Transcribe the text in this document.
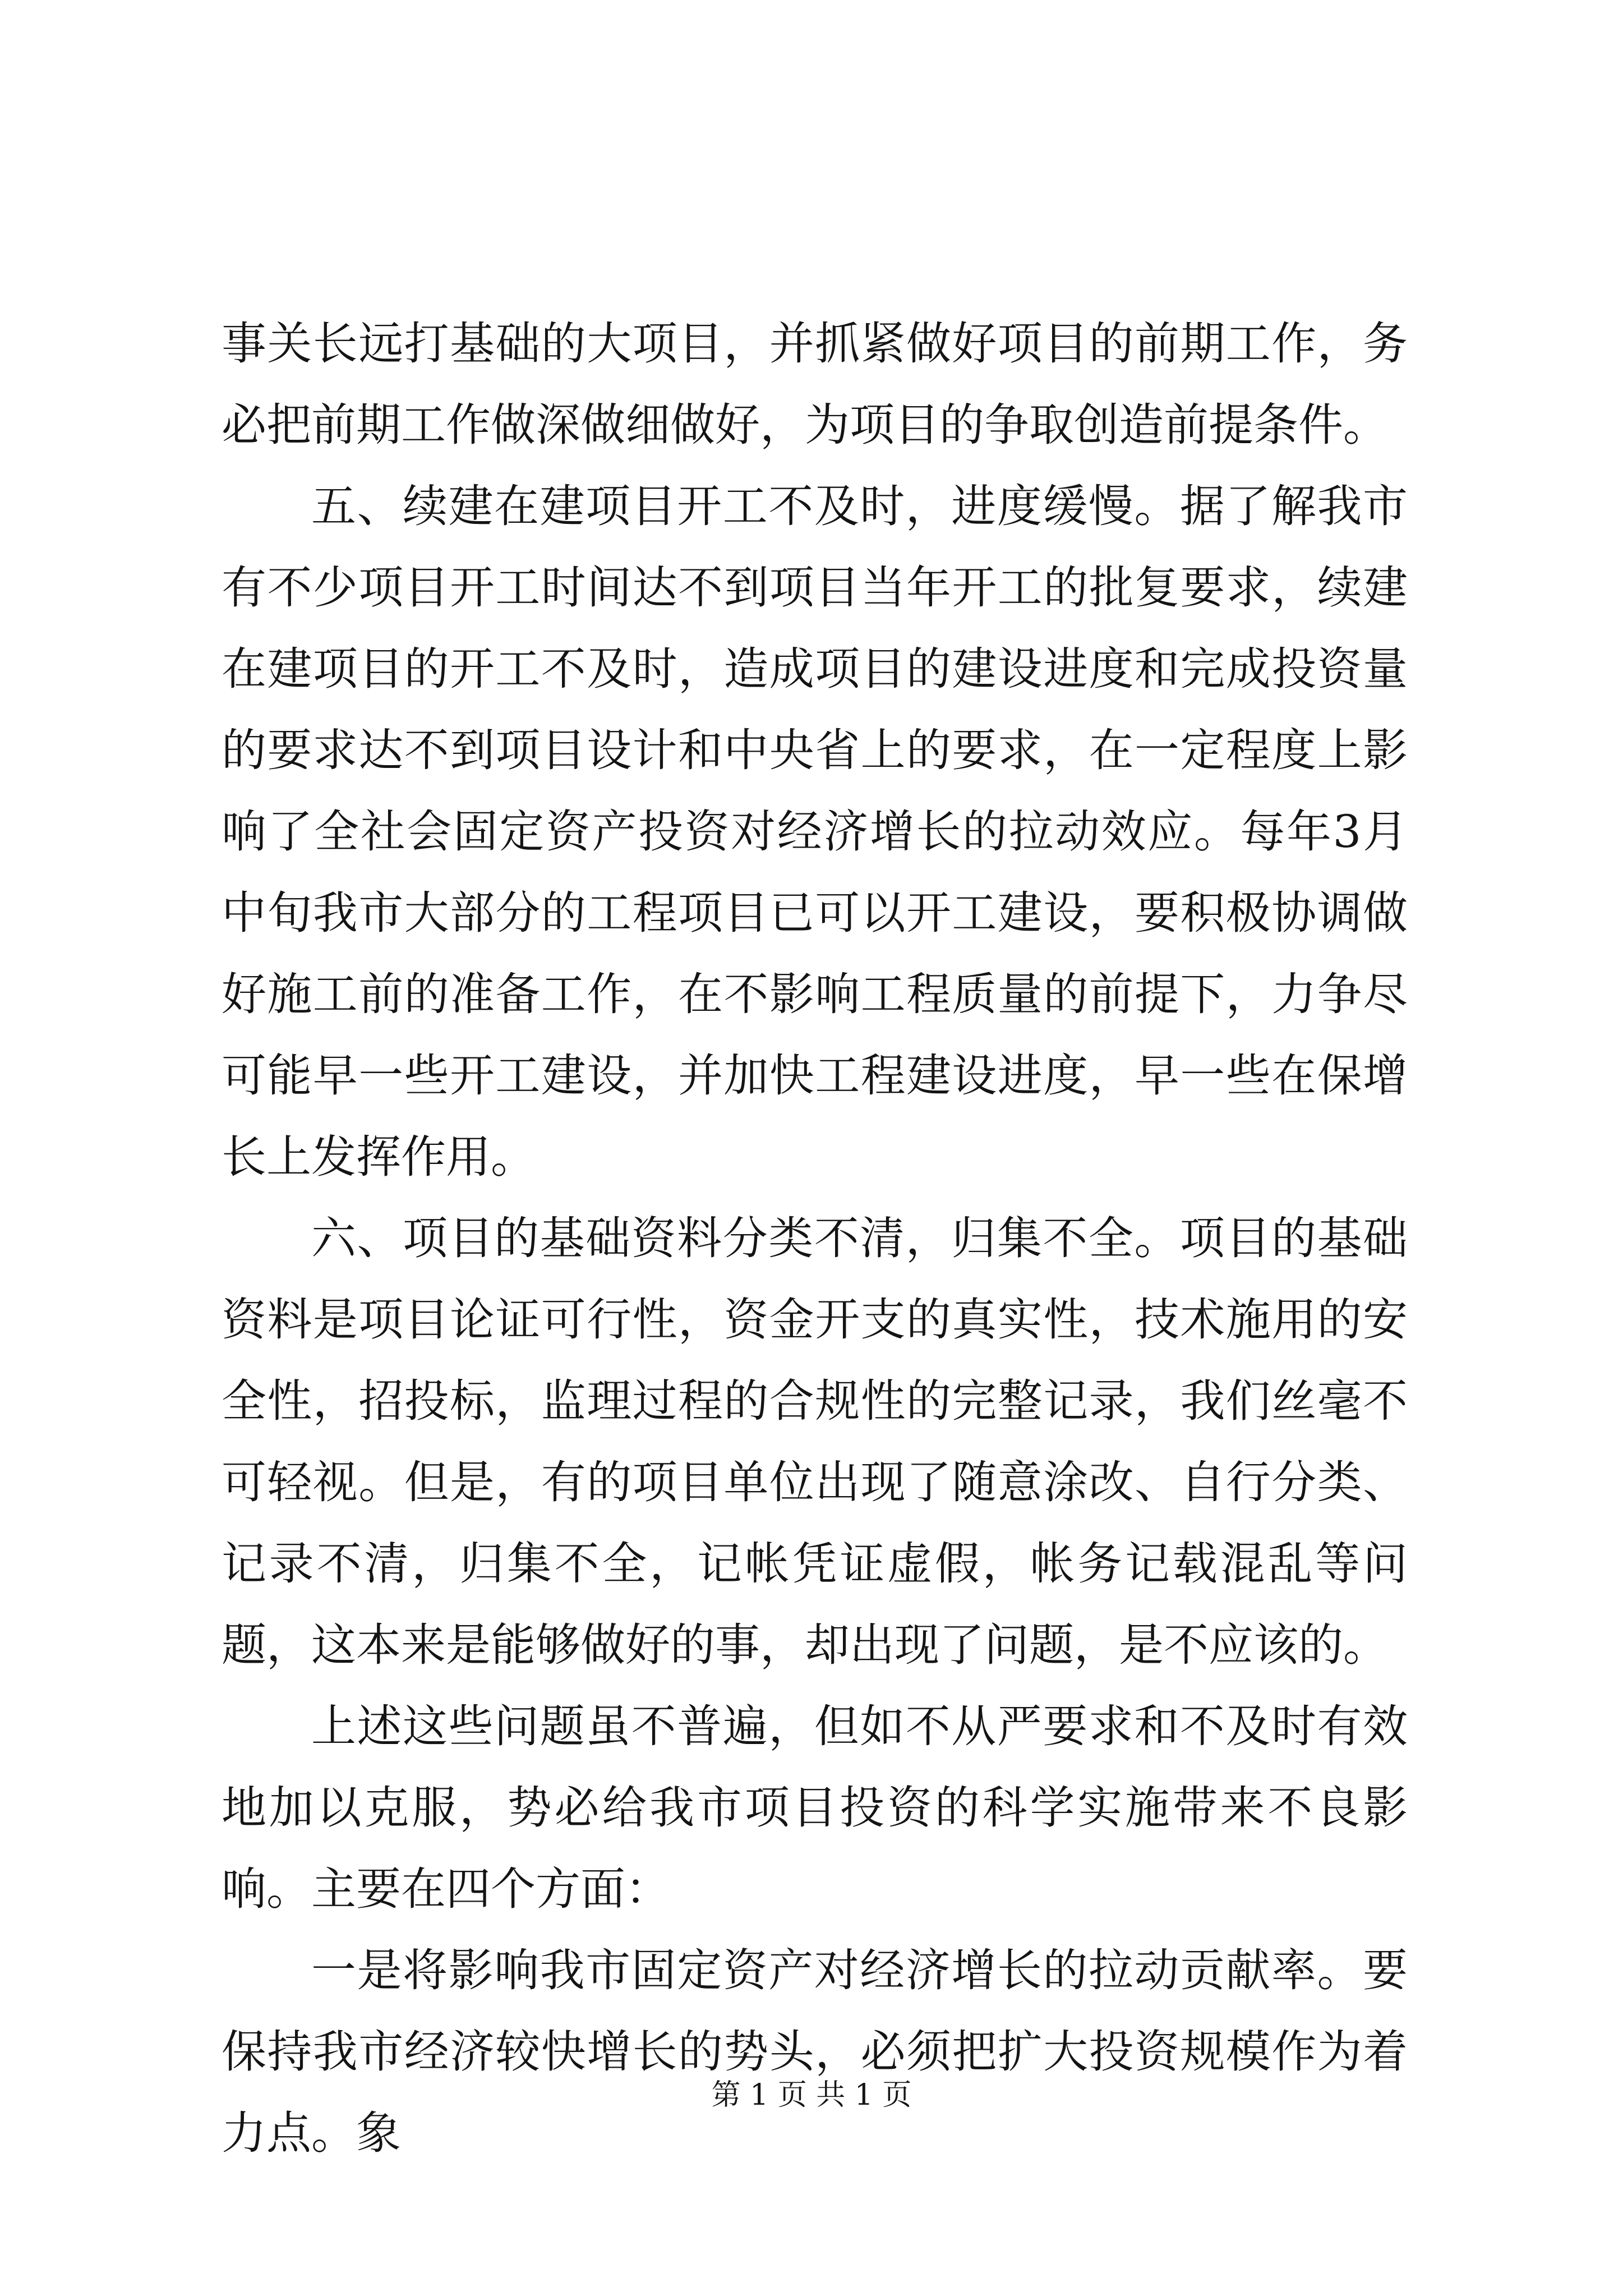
事关长远打基础的大项目，并抓紧做好项目的前期工作，务必把前期工作做深做细做好，为项目的争取创造前提条件。

五、续建在建项目开工不及时，进度缓慢。据了解我市有不少项目开工时间达不到项目当年开工的批复要求，续建在建项目的开工不及时，造成项目的建设进度和完成投资量的要求达不到项目设计和中央省上的要求，在一定程度上影响了全社会固定资产投资对经济增长的拉动效应。每年3月中旬我市大部分的工程项目已可以开工建设，要积极协调做好施工前的准备工作，在不影响工程质量的前提下，力争尽可能早一些开工建设，并加快工程建设进度，早一些在保增长上发挥作用。

六、项目的基础资料分类不清，归集不全。项目的基础资料是项目论证可行性，资金开支的真实性，技术施用的安全性，招投标，监理过程的合规性的完整记录，我们丝毫不可轻视。但是，有的项目单位出现了随意涂改、自行分类、记录不清，归集不全，记帐凭证虚假，帐务记载混乱等问题，这本来是能够做好的事，却出现了问题，是不应该的。

上述这些问题虽不普遍，但如不从严要求和不及时有效地加以克服，势必给我市项目投资的科学实施带来不良影响。主要在四个方面：

一是将影响我市固定资产对经济增长的拉动贡献率。要保持我市经济较快增长的势头，必须把扩大投资规模作为着力点。象

第 1 页 共 1 页
